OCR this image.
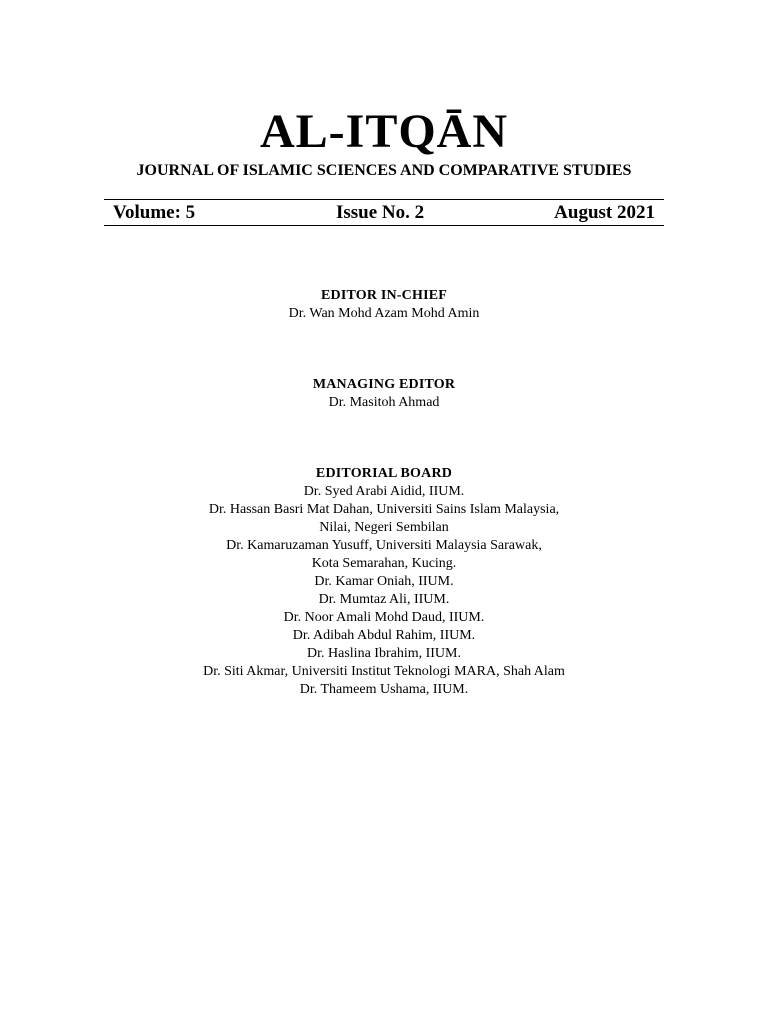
AL-ITQĀN
JOURNAL OF ISLAMIC SCIENCES AND COMPARATIVE STUDIES
Volume: 5	Issue No. 2	August 2021
EDITOR IN-CHIEF
Dr. Wan Mohd Azam Mohd Amin
MANAGING EDITOR
Dr. Masitoh Ahmad
EDITORIAL BOARD
Dr. Syed Arabi Aidid, IIUM.
Dr. Hassan Basri Mat Dahan, Universiti Sains Islam Malaysia,
Nilai, Negeri Sembilan
Dr. Kamaruzaman Yusuff, Universiti Malaysia Sarawak,
Kota Semarahan, Kucing.
Dr. Kamar Oniah, IIUM.
Dr. Mumtaz Ali, IIUM.
Dr. Noor Amali Mohd Daud, IIUM.
Dr. Adibah Abdul Rahim, IIUM.
Dr. Haslina Ibrahim, IIUM.
Dr. Siti Akmar, Universiti Institut Teknologi MARA, Shah Alam
Dr. Thameem Ushama, IIUM.
